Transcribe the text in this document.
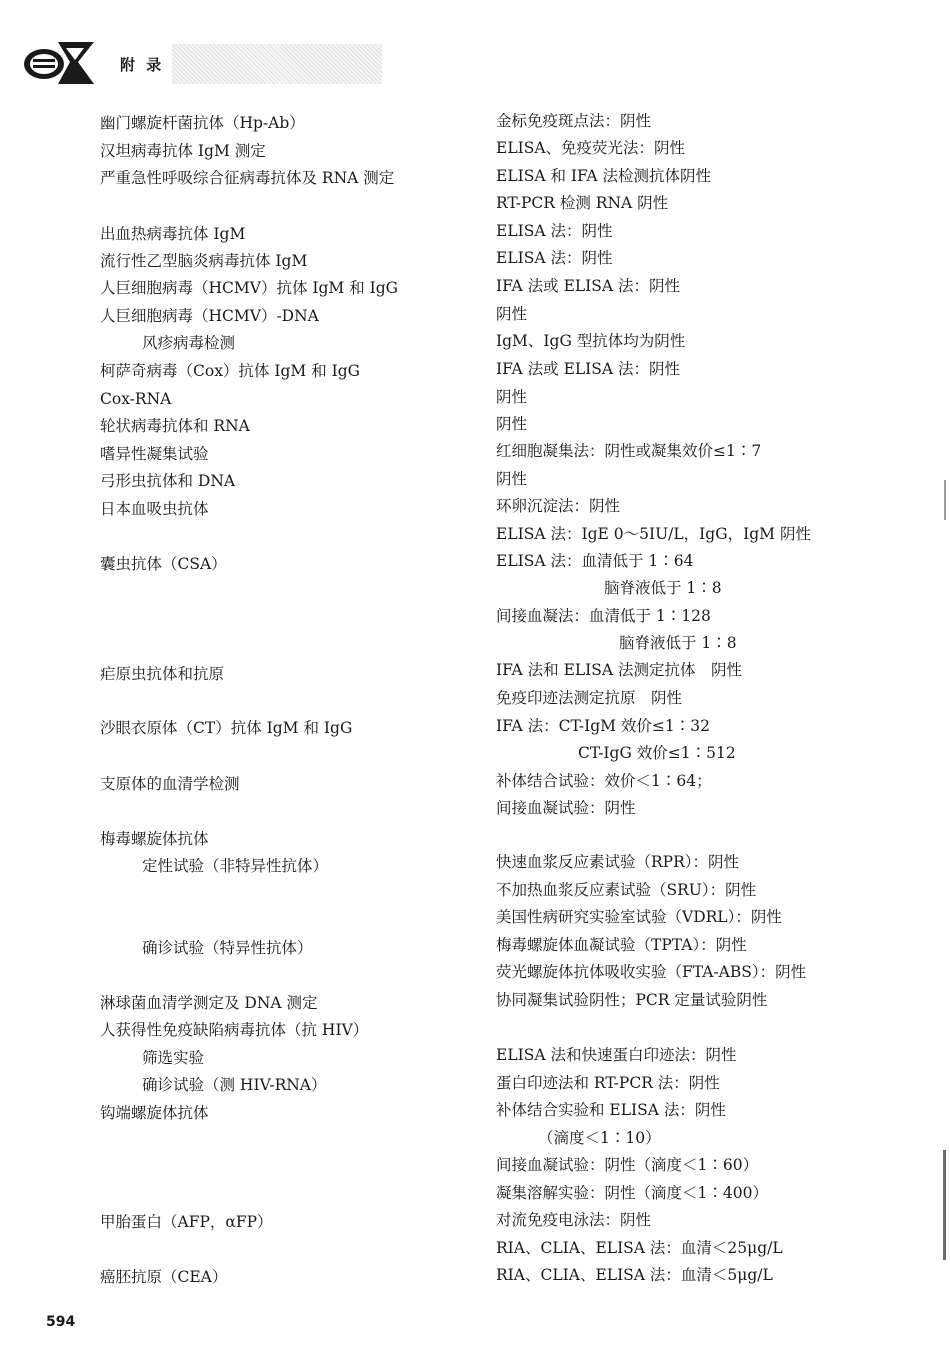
附 录
幽门螺旋杆菌抗体（Hp-Ab）
汉坦病毒抗体 IgM 测定
严重急性呼吸综合征病毒抗体及 RNA 测定
出血热病毒抗体 IgM
流行性乙型脑炎病毒抗体 IgM
人巨细胞病毒（HCMV）抗体 IgM 和 IgG
人巨细胞病毒（HCMV）-DNA
风疹病毒检测
柯萨奇病毒（Cox）抗体 IgM 和 IgG
Cox-RNA
轮状病毒抗体和 RNA
嗜异性凝集试验
弓形虫抗体和 DNA
日本血吸虫抗体
囊虫抗体（CSA）
疟原虫抗体和抗原
沙眼衣原体（CT）抗体 IgM 和 IgG
支原体的血清学检测
梅毒螺旋体抗体
定性试验（非特异性抗体）
确诊试验（特异性抗体）
淋球菌血清学测定及 DNA 测定
人获得性免疫缺陷病毒抗体（抗 HIV）
筛选实验
确诊试验（测 HIV-RNA）
钩端螺旋体抗体
甲胎蛋白（AFP，αFP）
癌胚抗原（CEA）
金标免疫斑点法：阴性
ELISA、免疫荧光法：阴性
ELISA 和 IFA 法检测抗体阴性
RT-PCR 检测 RNA 阴性
ELISA 法：阴性
ELISA 法：阴性
IFA 法或 ELISA 法：阴性
阴性
IgM、IgG 型抗体均为阴性
IFA 法或 ELISA 法：阴性
阴性
阴性
红细胞凝集法：阴性或凝集效价≤1∶7
阴性
环卵沉淀法：阴性
ELISA 法：IgE 0～5IU/L，IgG，IgM 阴性
ELISA 法：血清低于 1∶64
脑脊液低于 1∶8
间接血凝法：血清低于 1∶128
脑脊液低于 1∶8
IFA 法和 ELISA 法测定抗体　阴性
免疫印迹法测定抗原　阴性
IFA 法：CT-IgM 效价≤1∶32
CT-IgG 效价≤1∶512
补体结合试验：效价＜1∶64；
间接血凝试验：阴性
快速血浆反应素试验（RPR）：阴性
不加热血浆反应素试验（SRU）：阴性
美国性病研究实验室试验（VDRL）：阴性
梅毒螺旋体血凝试验（TPTA）：阴性
荧光螺旋体抗体吸收实验（FTA-ABS）：阴性
协同凝集试验阴性；PCR 定量试验阴性
ELISA 法和快速蛋白印迹法：阴性
蛋白印迹法和 RT-PCR 法：阴性
补体结合实验和 ELISA 法：阴性
（滴度＜1∶10）
间接血凝试验：阴性（滴度＜1∶60）
凝集溶解实验：阴性（滴度＜1∶400）
对流免疫电泳法：阴性
RIA、CLIA、ELISA 法：血清＜25μg/L
RIA、CLIA、ELISA 法：血清＜5μg/L
594
